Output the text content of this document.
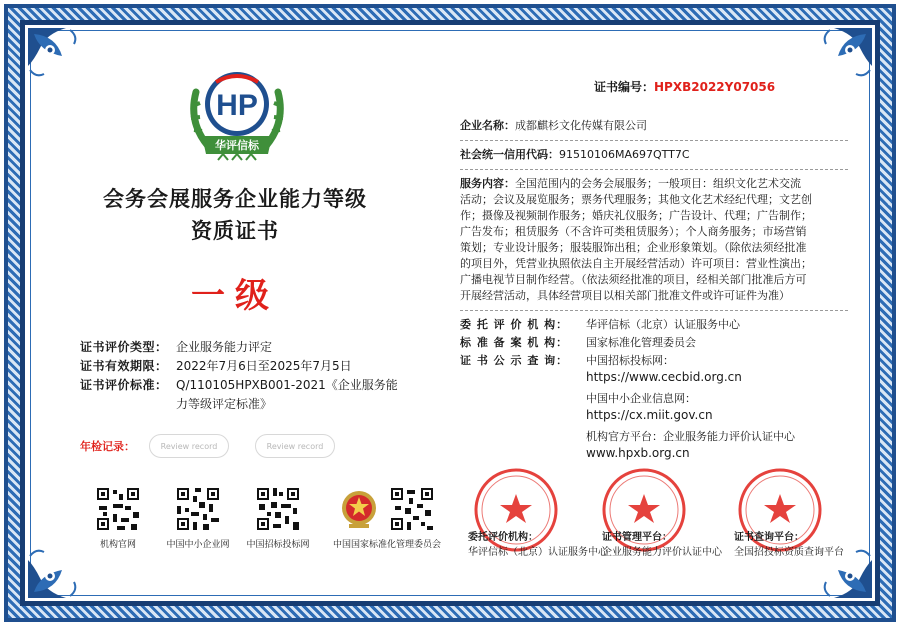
HP
华评信标
会务会展服务企业能力等级
资质证书
一级
证书评价类型： 企业服务能力评定
证书有效期限： 2022年7月6日至2025年7月5日
证书评价标准： Q/110105HPXB001-2021《企业服务能
力等级评定标准》
年检记录：	Review record	Review record
机构官网	中国中小企业网 中国招标投标网	中国国家标准化管理委员会
证书编号：HPXB2022Y07056
企业名称： 成都麒杉文化传媒有限公司
社会统一信用代码： 91510106MA697QTT7C
服务内容：全国范围内的会务会展服务；一般项目：组织文化艺术交流
活动；会议及展览服务；票务代理服务；其他文化艺术经纪代理；文艺创
作；摄像及视频制作服务；婚庆礼仪服务；广告设计、代理；广告制作；
广告发布；租赁服务（不含许可类租赁服务）；个人商务服务；市场营销
策划；专业设计服务；服装服饰出租；企业形象策划。（除依法须经批准
的项目外，凭营业执照依法自主开展经营活动）许可项目：营业性演出；
广播电视节目制作经营。（依法须经批准的项目，经相关部门批准后方可
开展经营活动，具体经营项目以相关部门批准文件或许可证件为准）
委 托 评 价 机 构：	华评信标（北京）认证服务中心
标 准 备 案 机 构：	国家标准化管理委员会
证 书 公 示 查 询：	中国招标投标网：
https://www.cecbid.org.cn
中国中小企业信息网：
https://cx.miit.gov.cn
机构官方平台：企业服务能力评价认证中心
www.hpxb.org.cn
委托评价机构：
华评信标（北京）认证服务中心
证书管理平台：
企业服务能力评价认证中心
证书查询平台：
全国招投标资质查询平台
